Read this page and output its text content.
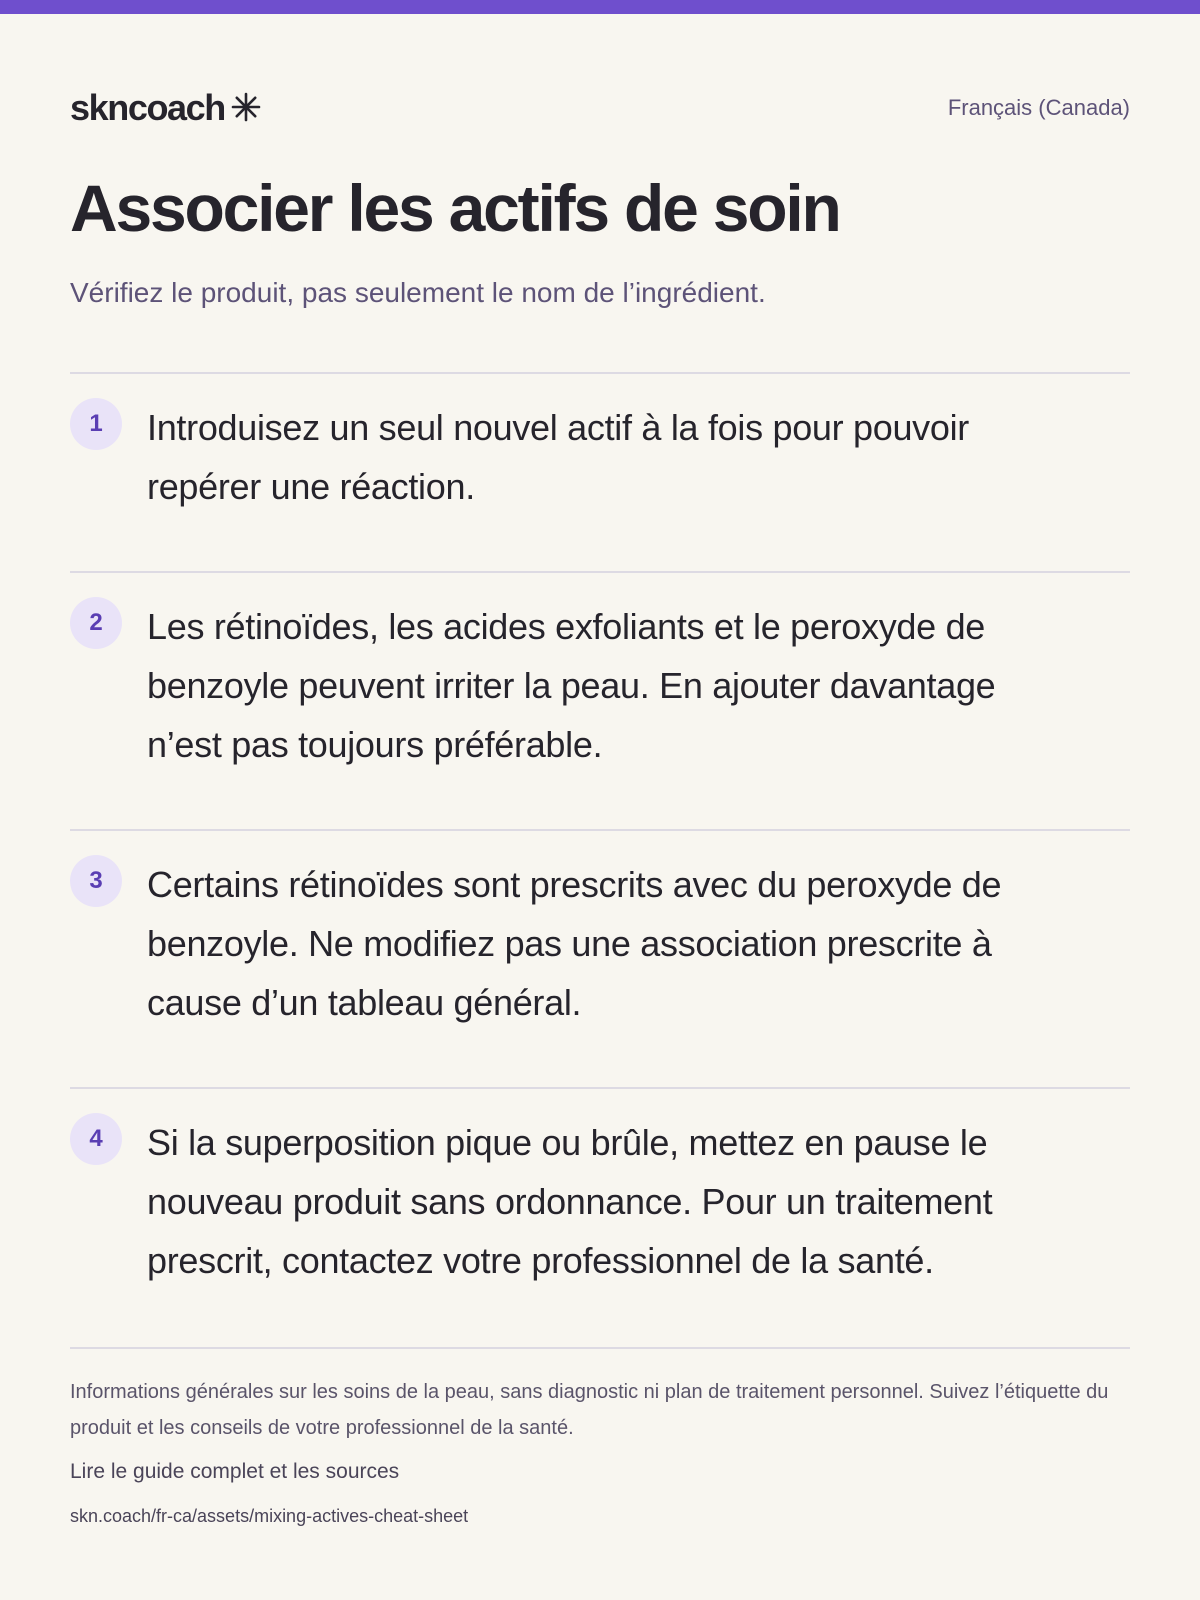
skncoach	Français (Canada)
Associer les actifs de soin
Vérifiez le produit, pas seulement le nom de l’ingrédient.
1	Introduisez un seul nouvel actif à la fois pour pouvoir repérer une réaction.
2	Les rétinoïdes, les acides exfoliants et le peroxyde de benzoyle peuvent irriter la peau. En ajouter davantage n’est pas toujours préférable.
3	Certains rétinoïdes sont prescrits avec du peroxyde de benzoyle. Ne modifiez pas une association prescrite à cause d’un tableau général.
4	Si la superposition pique ou brûle, mettez en pause le nouveau produit sans ordonnance. Pour un traitement prescrit, contactez votre professionnel de la santé.
Informations générales sur les soins de la peau, sans diagnostic ni plan de traitement personnel. Suivez l’étiquette du produit et les conseils de votre professionnel de la santé.
Lire le guide complet et les sources
skn.coach/fr-ca/assets/mixing-actives-cheat-sheet
